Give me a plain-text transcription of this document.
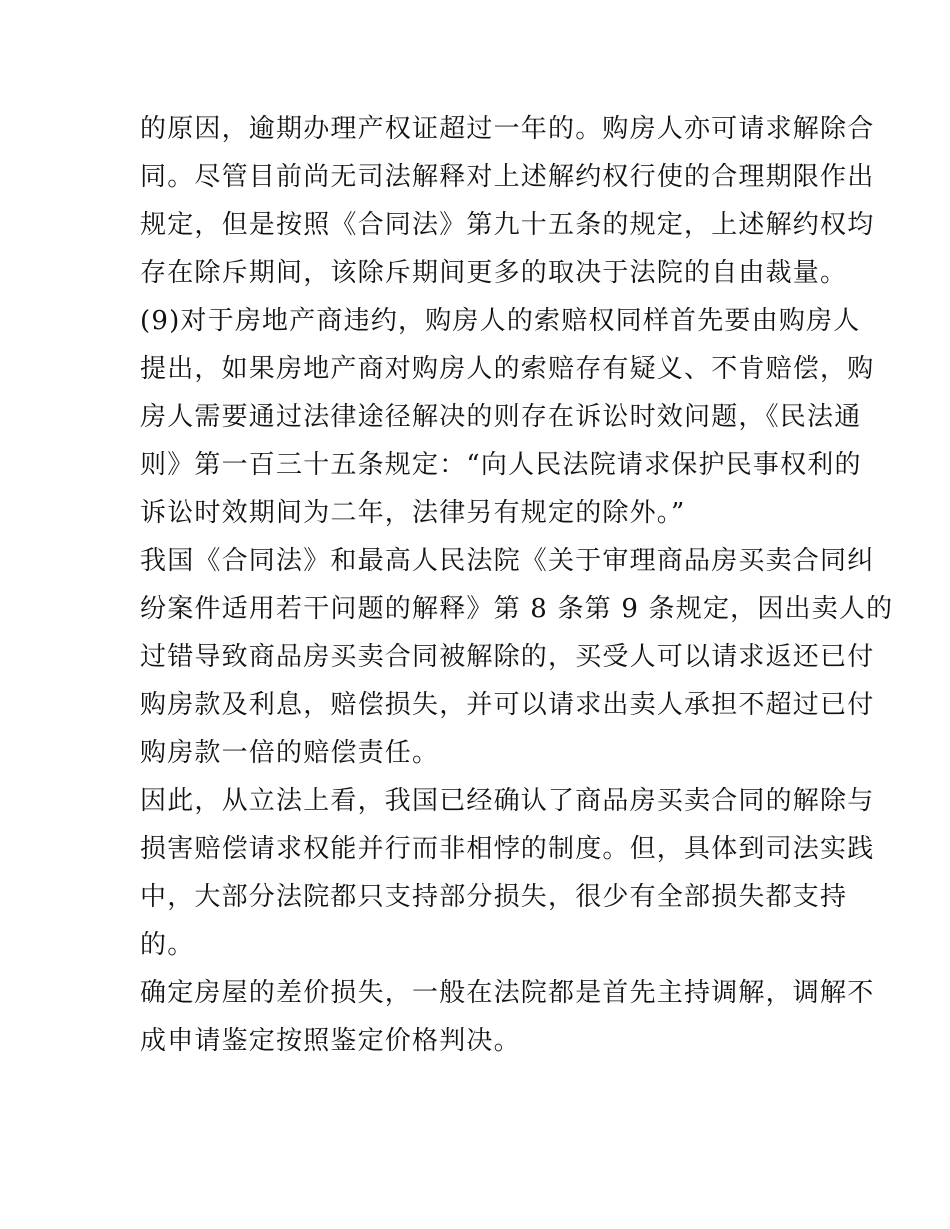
的原因，逾期办理产权证超过一年的。购房人亦可请求解除合

同。尽管目前尚无司法解释对上述解约权行使的合理期限作出

规定，但是按照《合同法》第九十五条的规定，上述解约权均

存在除斥期间，该除斥期间更多的取决于法院的自由裁量。

(9)对于房地产商违约，购房人的索赔权同样首先要由购房人

提出，如果房地产商对购房人的索赔存有疑义、不肯赔偿，购

房人需要通过法律途径解决的则存在诉讼时效问题，《民法通

则》第一百三十五条规定：“向人民法院请求保护民事权利的

诉讼时效期间为二年，法律另有规定的除外。”

我国《合同法》和最高人民法院《关于审理商品房买卖合同纠

纷案件适用若干问题的解释》第 8 条第 9 条规定，因出卖人的

过错导致商品房买卖合同被解除的，买受人可以请求返还已付

购房款及利息，赔偿损失，并可以请求出卖人承担不超过已付

购房款一倍的赔偿责任。

因此，从立法上看，我国已经确认了商品房买卖合同的解除与

损害赔偿请求权能并行而非相悖的制度。但，具体到司法实践

中，大部分法院都只支持部分损失，很少有全部损失都支持

的。

确定房屋的差价损失，一般在法院都是首先主持调解，调解不

成申请鉴定按照鉴定价格判决。
